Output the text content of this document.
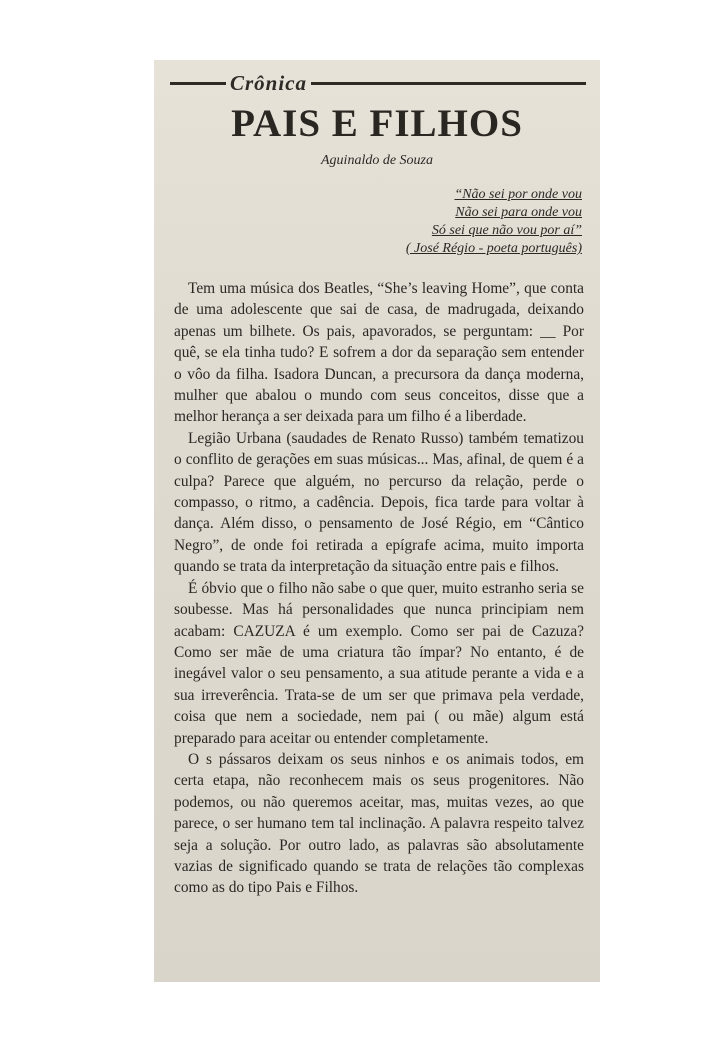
Crônica
PAIS E FILHOS
Aguinaldo de Souza
“Não sei por onde vou
Não sei para onde vou
Só sei que não vou por aí”
( José Régio - poeta português)

Tem uma música dos Beatles, “She’s leaving Home”, que conta de uma adolescente que sai de casa, de madrugada, deixando apenas um bilhete. Os pais, apavorados, se perguntam: __ Por quê, se ela tinha tudo? E sofrem a dor da separação sem entender o vôo da filha. Isadora Duncan, a precursora da dança moderna, mulher que abalou o mundo com seus conceitos, disse que a melhor herança a ser deixada para um filho é a liberdade.

Legião Urbana (saudades de Renato Russo) também tematizou o conflito de gerações em suas músicas... Mas, afinal, de quem é a culpa? Parece que alguém, no percurso da relação, perde o compasso, o ritmo, a cadência. Depois, fica tarde para voltar à dança. Além disso, o pensamento de José Régio, em “Cântico Negro”, de onde foi retirada a epígrafe acima, muito importa quando se trata da interpretação da situação entre pais e filhos.

É óbvio que o filho não sabe o que quer, muito estranho seria se soubesse. Mas há personalidades que nunca principiam nem acabam: CAZUZA é um exemplo. Como ser pai de Cazuza? Como ser mãe de uma criatura tão ímpar? No entanto, é de inegável valor o seu pensamento, a sua atitude perante a vida e a sua irreverência. Trata-se de um ser que primava pela verdade, coisa que nem a sociedade, nem pai ( ou mãe) algum está preparado para aceitar ou entender completamente.

O s pássaros deixam os seus ninhos e os animais todos, em certa etapa, não reconhecem mais os seus progenitores. Não podemos, ou não queremos aceitar, mas, muitas vezes, ao que parece, o ser humano tem tal inclinação. A palavra respeito talvez seja a solução. Por outro lado, as palavras são absolutamente vazias de significado quando se trata de relações tão complexas como as do tipo Pais e Filhos.
